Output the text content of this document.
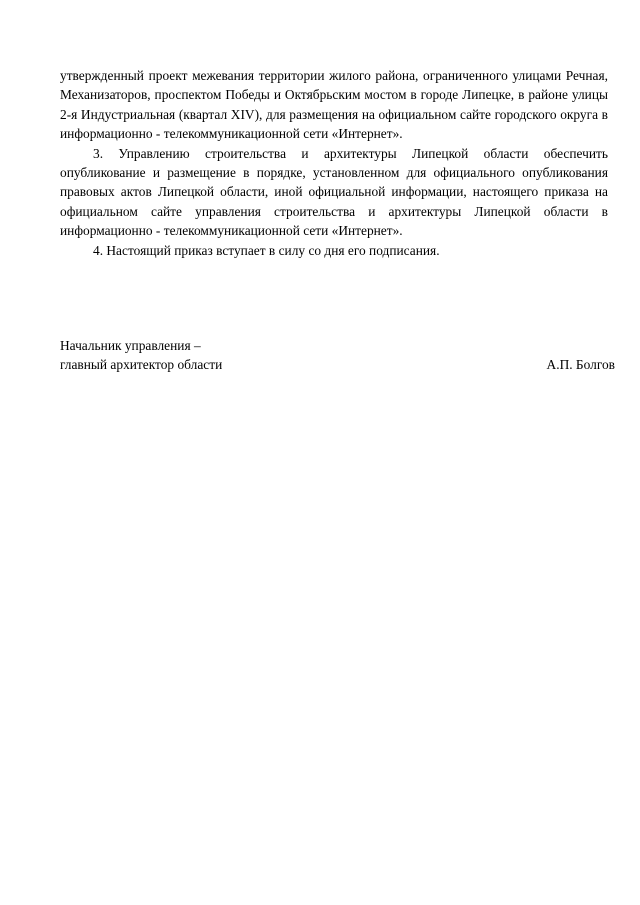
утвержденный проект межевания территории жилого района, ограниченного улицами Речная, Механизаторов, проспектом Победы и Октябрьским мостом в городе Липецке, в районе улицы 2-я Индустриальная (квартал XIV), для размещения на официальном сайте городского округа в информационно - телекоммуникационной сети «Интернет».

3. Управлению строительства и архитектуры Липецкой области обеспечить опубликование и размещение в порядке, установленном для официального опубликования правовых актов Липецкой области, иной официальной информации, настоящего приказа на официальном сайте управления строительства и архитектуры Липецкой области в информационно - телекоммуникационной сети «Интернет».

4. Настоящий приказ вступает в силу со дня его подписания.

Начальник управления –
главный архитектор области	А.П. Болгов
